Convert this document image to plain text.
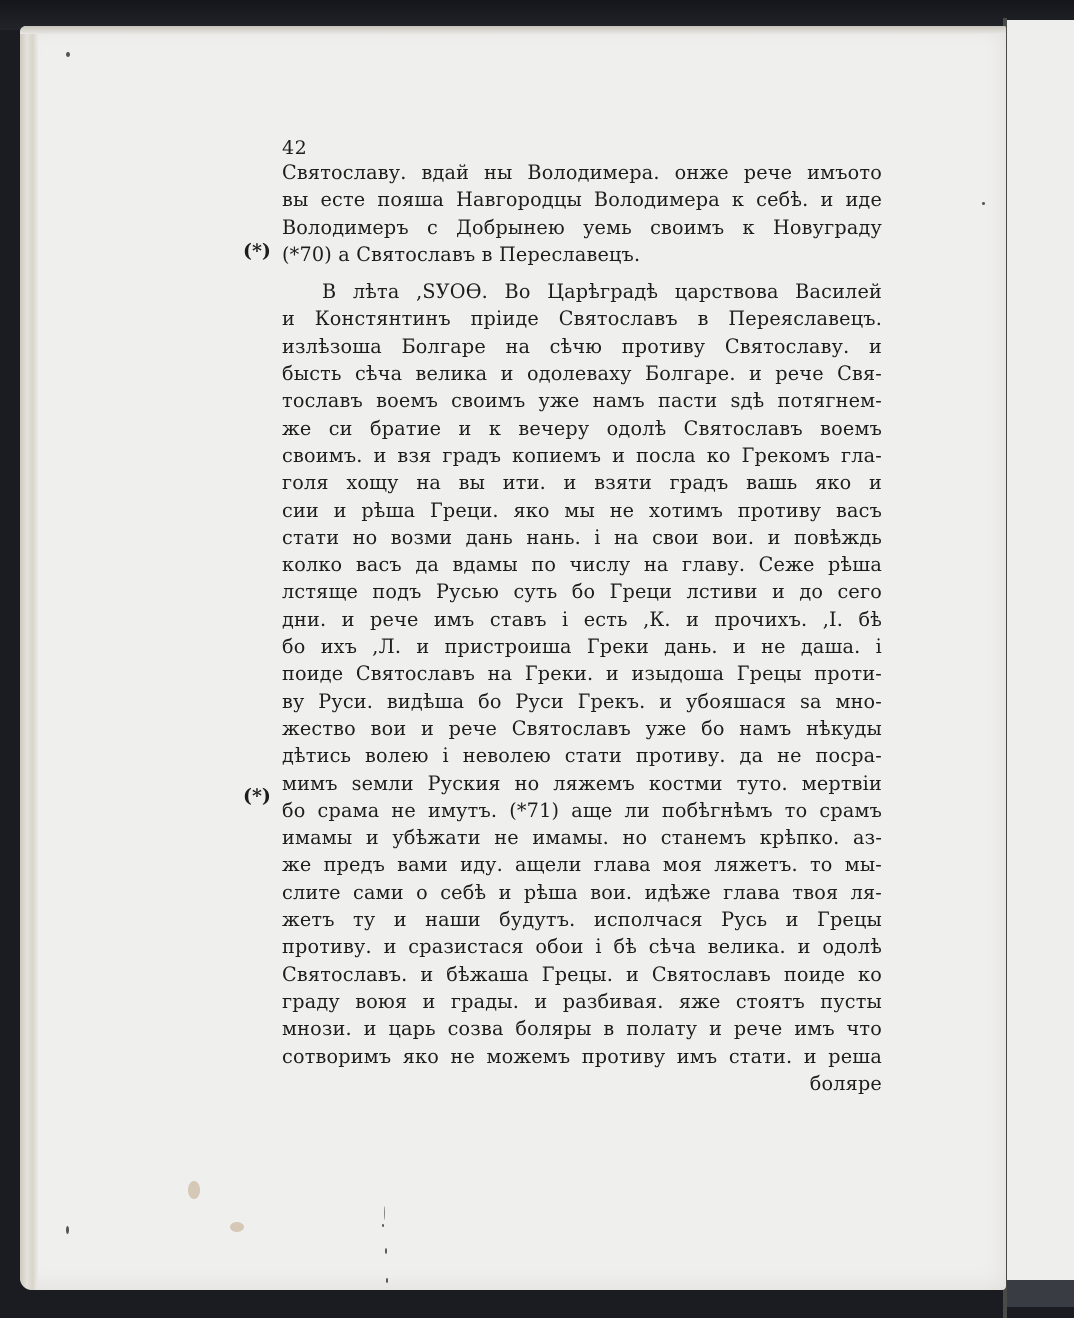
(*)
(*)
42
Святославу. вдай ны Володимера. онже рече имъото
вы есте пояша Навгородцы Володимера к себѣ. и иде
Володимеръ с Добрынею уемь своимъ к Новуграду
(*70) а Святославъ в Переславецъ.
В лѣта ,SУОѲ. Во Царѣградѣ царствова Василей
и Констянтинъ пріиде Святославъ в Переяславецъ.
излѣзоша Болгаре на сѣчю противу Святославу. и
бысть сѣча велика и одолеваху Болгаре. и рече Свя-
тославъ воемъ своимъ уже намъ пасти sдѣ потягнем-
же си братие и к вечеру одолѣ Святославъ воемъ
своимъ. и взя градъ копиемъ и посла ко Грекомъ гла-
голя хощу на вы ити. и взяти градъ вашь яко и
сии и рѣша Греци. яко мы не хотимъ противу васъ
стати но возми дань нань. і на свои вои. и повѣждь
колко васъ да вдамы по числу на главу. Сеже рѣша
лстяще подъ Русью суть бо Греци лстиви и до сего
дни. и рече имъ ставъ і есть ,К. и прочихъ. ,І. бѣ
бо ихъ ,Л. и пристроиша Греки дань. и не даша. і
поиде Святославъ на Греки. и изыдоша Грецы проти-
ву Руси. видѣша бо Руси Грекъ. и убояшася sа мно-
жество вои и рече Святославъ уже бо намъ нѣкуды
дѣтись волею і неволею стати противу. да не посра-
мимъ sемли Руския но ляжемъ костми туто. мертвіи
бо срама не имутъ. (*71) аще ли побѣгнѣмъ то срамъ
имамы и убѣжати не имамы. но станемъ крѣпко. аз-
же предъ вами иду. ащели глава моя ляжетъ. то мы-
слите сами о себѣ и рѣша вои. идѣже глава твоя ля-
жетъ ту и наши будутъ. исполчася Русь и Грецы
противу. и сразистася обои і бѣ сѣча велика. и одолѣ
Святославъ. и бѣжаша Грецы. и Святославъ поиде ко
граду воюя и грады. и разбивая. яже стоятъ пусты
мнози. и царь созва боляры в полату и рече имъ что
сотворимъ яко не можемъ противу имъ стати. и реша
боляре
